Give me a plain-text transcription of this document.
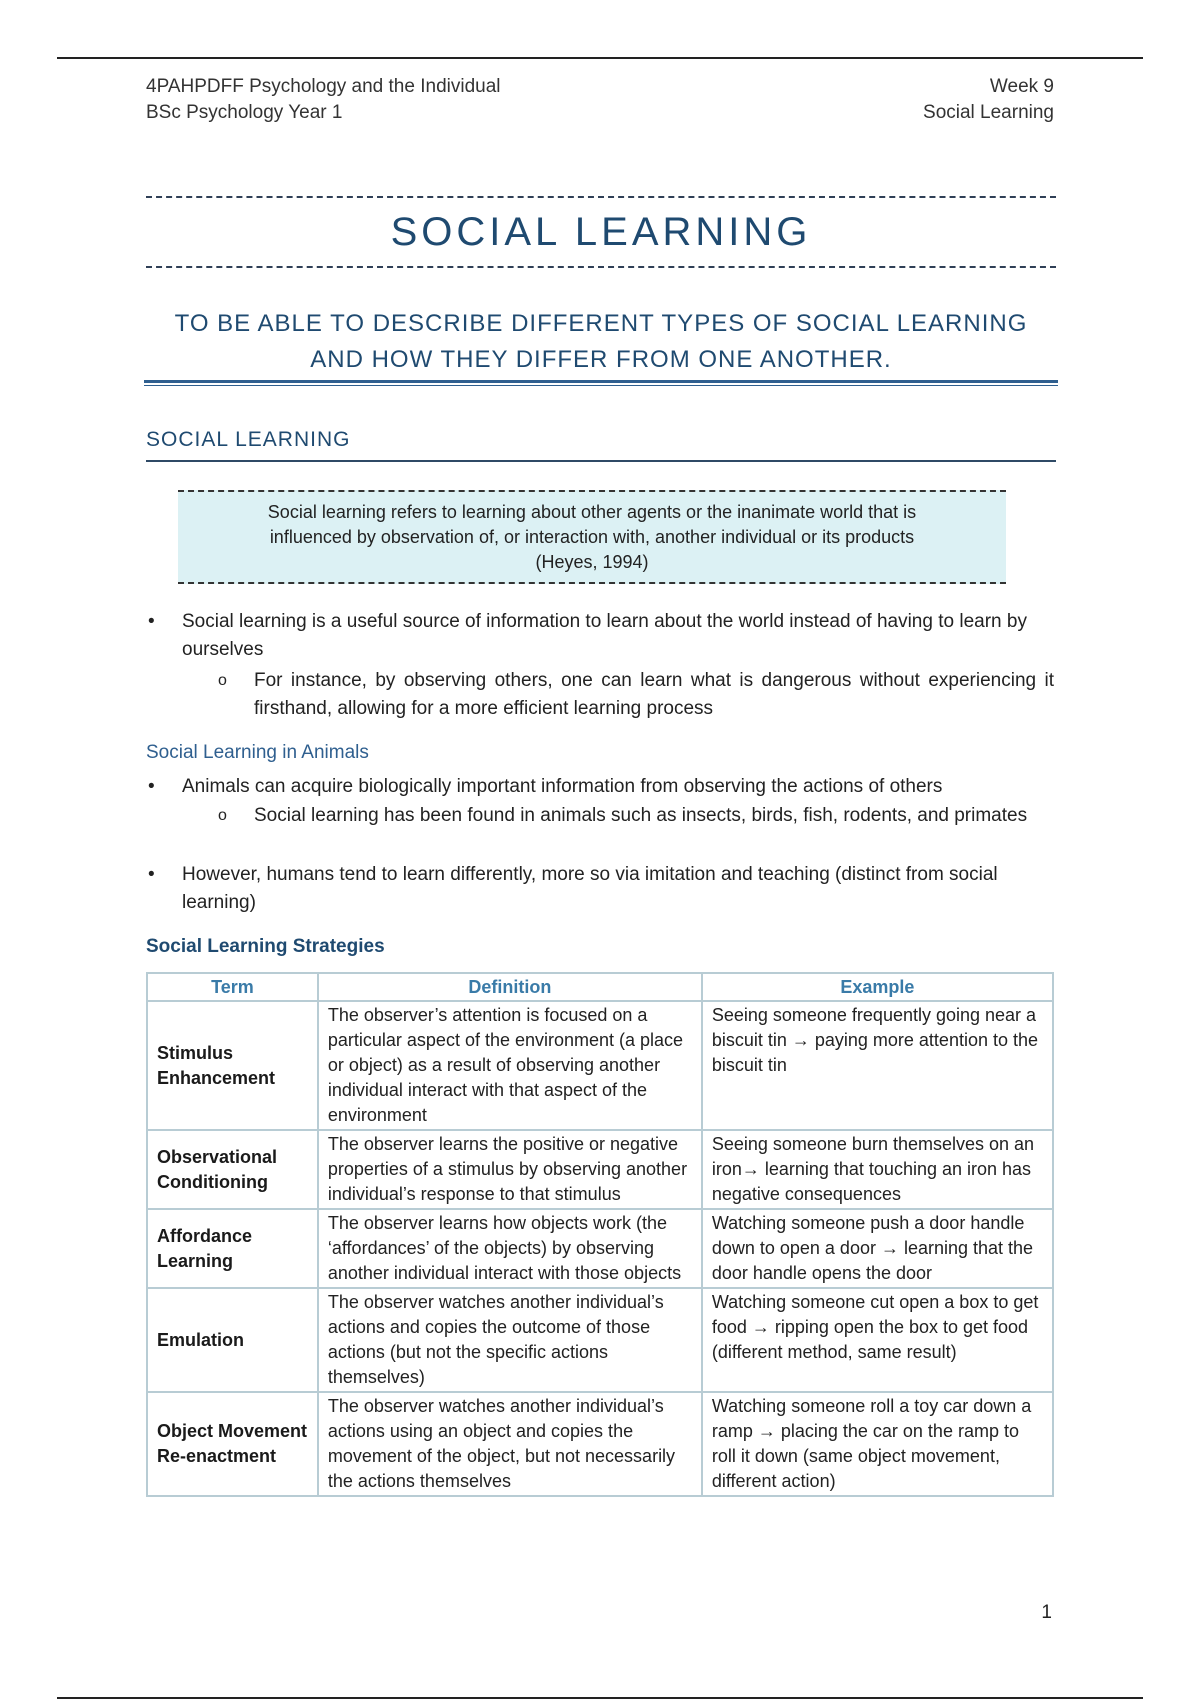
4PAHPDFF Psychology and the Individual
BSc Psychology Year 1
Week 9
Social Learning
SOCIAL LEARNING
TO BE ABLE TO DESCRIBE DIFFERENT TYPES OF SOCIAL LEARNING
AND HOW THEY DIFFER FROM ONE ANOTHER.
SOCIAL LEARNING
Social learning refers to learning about other agents or the inanimate world that is
influenced by observation of, or interaction with, another individual or its products
(Heyes, 1994)
• Social learning is a useful source of information to learn about the world instead of having to learn by ourselves
o For instance, by observing others, one can learn what is dangerous without experiencing it firsthand, allowing for a more efficient learning process
Social Learning in Animals
• Animals can acquire biologically important information from observing the actions of others
o Social learning has been found in animals such as insects, birds, fish, rodents, and primates
• However, humans tend to learn differently, more so via imitation and teaching (distinct from social learning)
Social Learning Strategies
Term	Definition	Example
Stimulus Enhancement	The observer’s attention is focused on a particular aspect of the environment (a place or object) as a result of observing another individual interact with that aspect of the environment	Seeing someone frequently going near a biscuit tin → paying more attention to the biscuit tin
Observational Conditioning	The observer learns the positive or negative properties of a stimulus by observing another individual’s response to that stimulus	Seeing someone burn themselves on an iron→ learning that touching an iron has negative consequences
Affordance Learning	The observer learns how objects work (the ‘affordances’ of the objects) by observing another individual interact with those objects	Watching someone push a door handle down to open a door → learning that the door handle opens the door
Emulation	The observer watches another individual’s actions and copies the outcome of those actions (but not the specific actions themselves)	Watching someone cut open a box to get food → ripping open the box to get food (different method, same result)
Object Movement Re-enactment	The observer watches another individual’s actions using an object and copies the movement of the object, but not necessarily the actions themselves	Watching someone roll a toy car down a ramp → placing the car on the ramp to roll it down (same object movement, different action)
1
